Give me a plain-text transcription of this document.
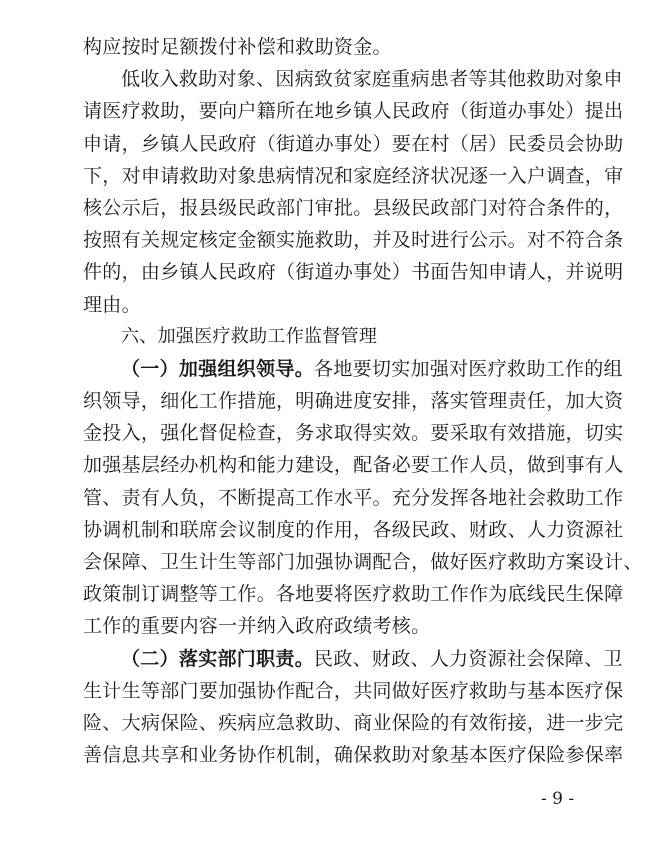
构应按时足额拨付补偿和救助资金。
低收入救助对象、因病致贫家庭重病患者等其他救助对象申
请医疗救助，要向户籍所在地乡镇人民政府（街道办事处）提出
申请，乡镇人民政府（街道办事处）要在村（居）民委员会协助
下，对申请救助对象患病情况和家庭经济状况逐一入户调查，审
核公示后，报县级民政部门审批。县级民政部门对符合条件的，
按照有关规定核定金额实施救助，并及时进行公示。对不符合条
件的，由乡镇人民政府（街道办事处）书面告知申请人，并说明
理由。
六、加强医疗救助工作监督管理
（一）加强组织领导。各地要切实加强对医疗救助工作的组
织领导，细化工作措施，明确进度安排，落实管理责任，加大资
金投入，强化督促检查，务求取得实效。要采取有效措施，切实
加强基层经办机构和能力建设，配备必要工作人员，做到事有人
管、责有人负，不断提高工作水平。充分发挥各地社会救助工作
协调机制和联席会议制度的作用，各级民政、财政、人力资源社
会保障、卫生计生等部门加强协调配合，做好医疗救助方案设计、
政策制订调整等工作。各地要将医疗救助工作作为底线民生保障
工作的重要内容一并纳入政府政绩考核。
（二）落实部门职责。民政、财政、人力资源社会保障、卫
生计生等部门要加强协作配合，共同做好医疗救助与基本医疗保
险、大病保险、疾病应急救助、商业保险的有效衔接，进一步完
善信息共享和业务协作机制，确保救助对象基本医疗保险参保率
- 9 -
